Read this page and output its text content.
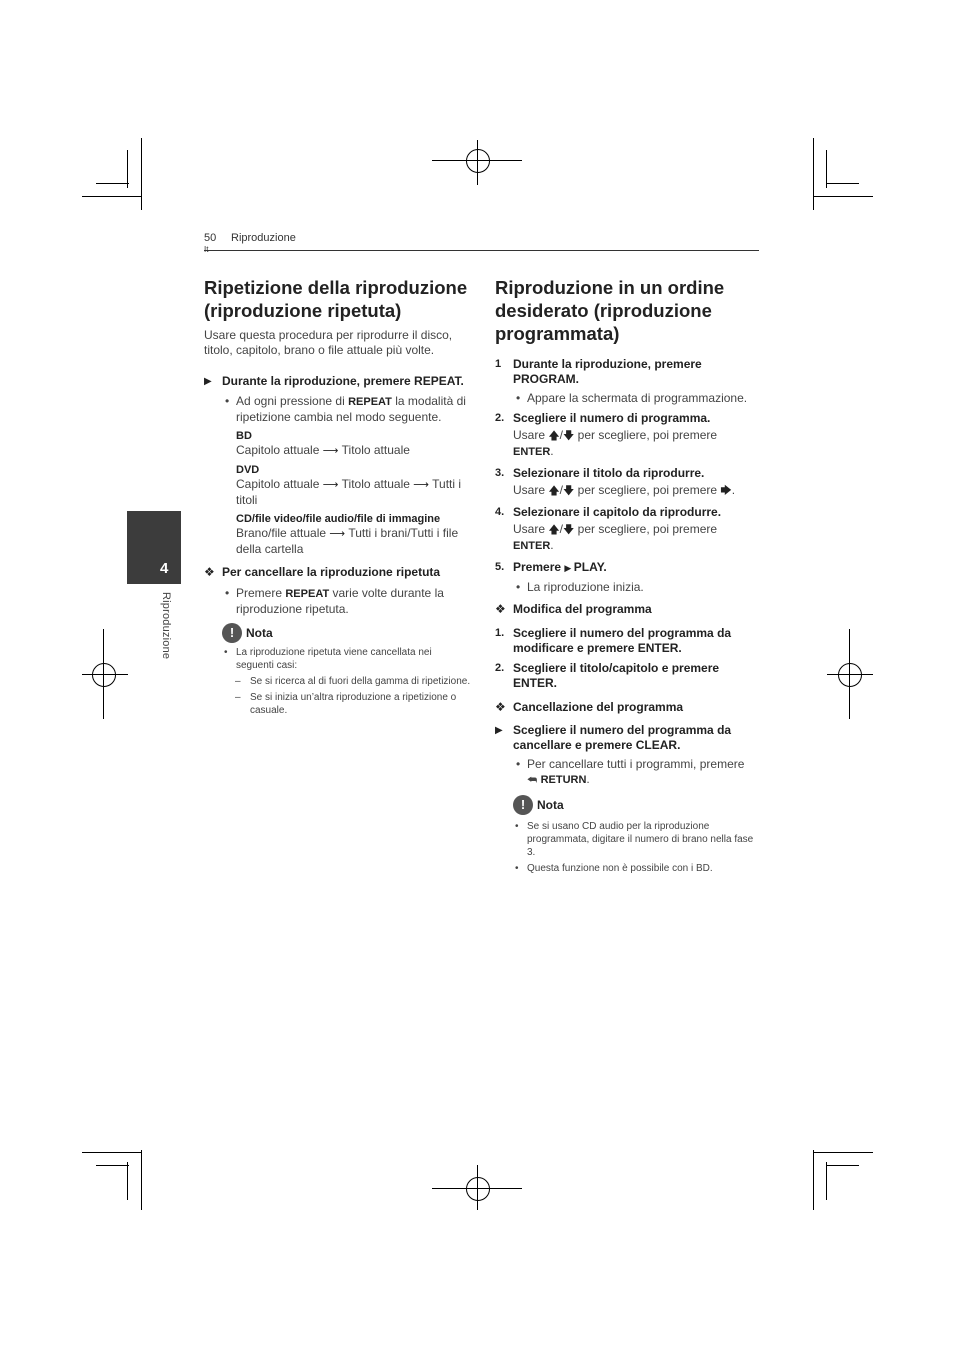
50 Riproduzione
4
Riproduzione
Ripetizione della riproduzione (riproduzione ripetuta)

Usare questa procedura per riprodurre il disco, titolo, capitolo, brano o file attuale più volte.

▶ Durante la riproduzione, premere REPEAT.
• Ad ogni pressione di REPEAT la modalità di ripetizione cambia nel modo seguente.
BD
Capitolo attuale ⟶ Titolo attuale
DVD
Capitolo attuale ⟶ Titolo attuale ⟶ Tutti i titoli
CD/file video/file audio/file di immagine
Brano/file attuale ⟶ Tutti i brani/Tutti i file della cartella
❖ Per cancellare la riproduzione ripetuta
• Premere REPEAT varie volte durante la riproduzione ripetuta.
! Nota
• La riproduzione ripetuta viene cancellata nei seguenti casi:
– Se si ricerca al di fuori della gamma di ripetizione.
– Se si inizia un’altra riproduzione a ripetizione o casuale.
Riproduzione in un ordine desiderato (riproduzione programmata)
1 Durante la riproduzione, premere PROGRAM.
• Appare la schermata di programmazione.
2. Scegliere il numero di programma.
Usare 🡅/🡇 per scegliere, poi premere
ENTER.
3. Selezionare il titolo da riprodurre.
Usare 🡅/🡇 per scegliere, poi premere 🡆.
4. Selezionare il capitolo da riprodurre.
Usare 🡅/🡇 per scegliere, poi premere
ENTER.
5. Premere ▶ PLAY.
• La riproduzione inizia.
❖ Modifica del programma
1. Scegliere il numero del programma da modificare e premere ENTER.
2. Scegliere il titolo/capitolo e premere ENTER.
❖ Cancellazione del programma
▶ Scegliere il numero del programma da cancellare e premere CLEAR.
• Per cancellare tutti i programmi, premere
⮪ RETURN.
! Nota
• Se si usano CD audio per la riproduzione programmata, digitare il numero di brano nella fase 3.
• Questa funzione non è possibile con i BD.
